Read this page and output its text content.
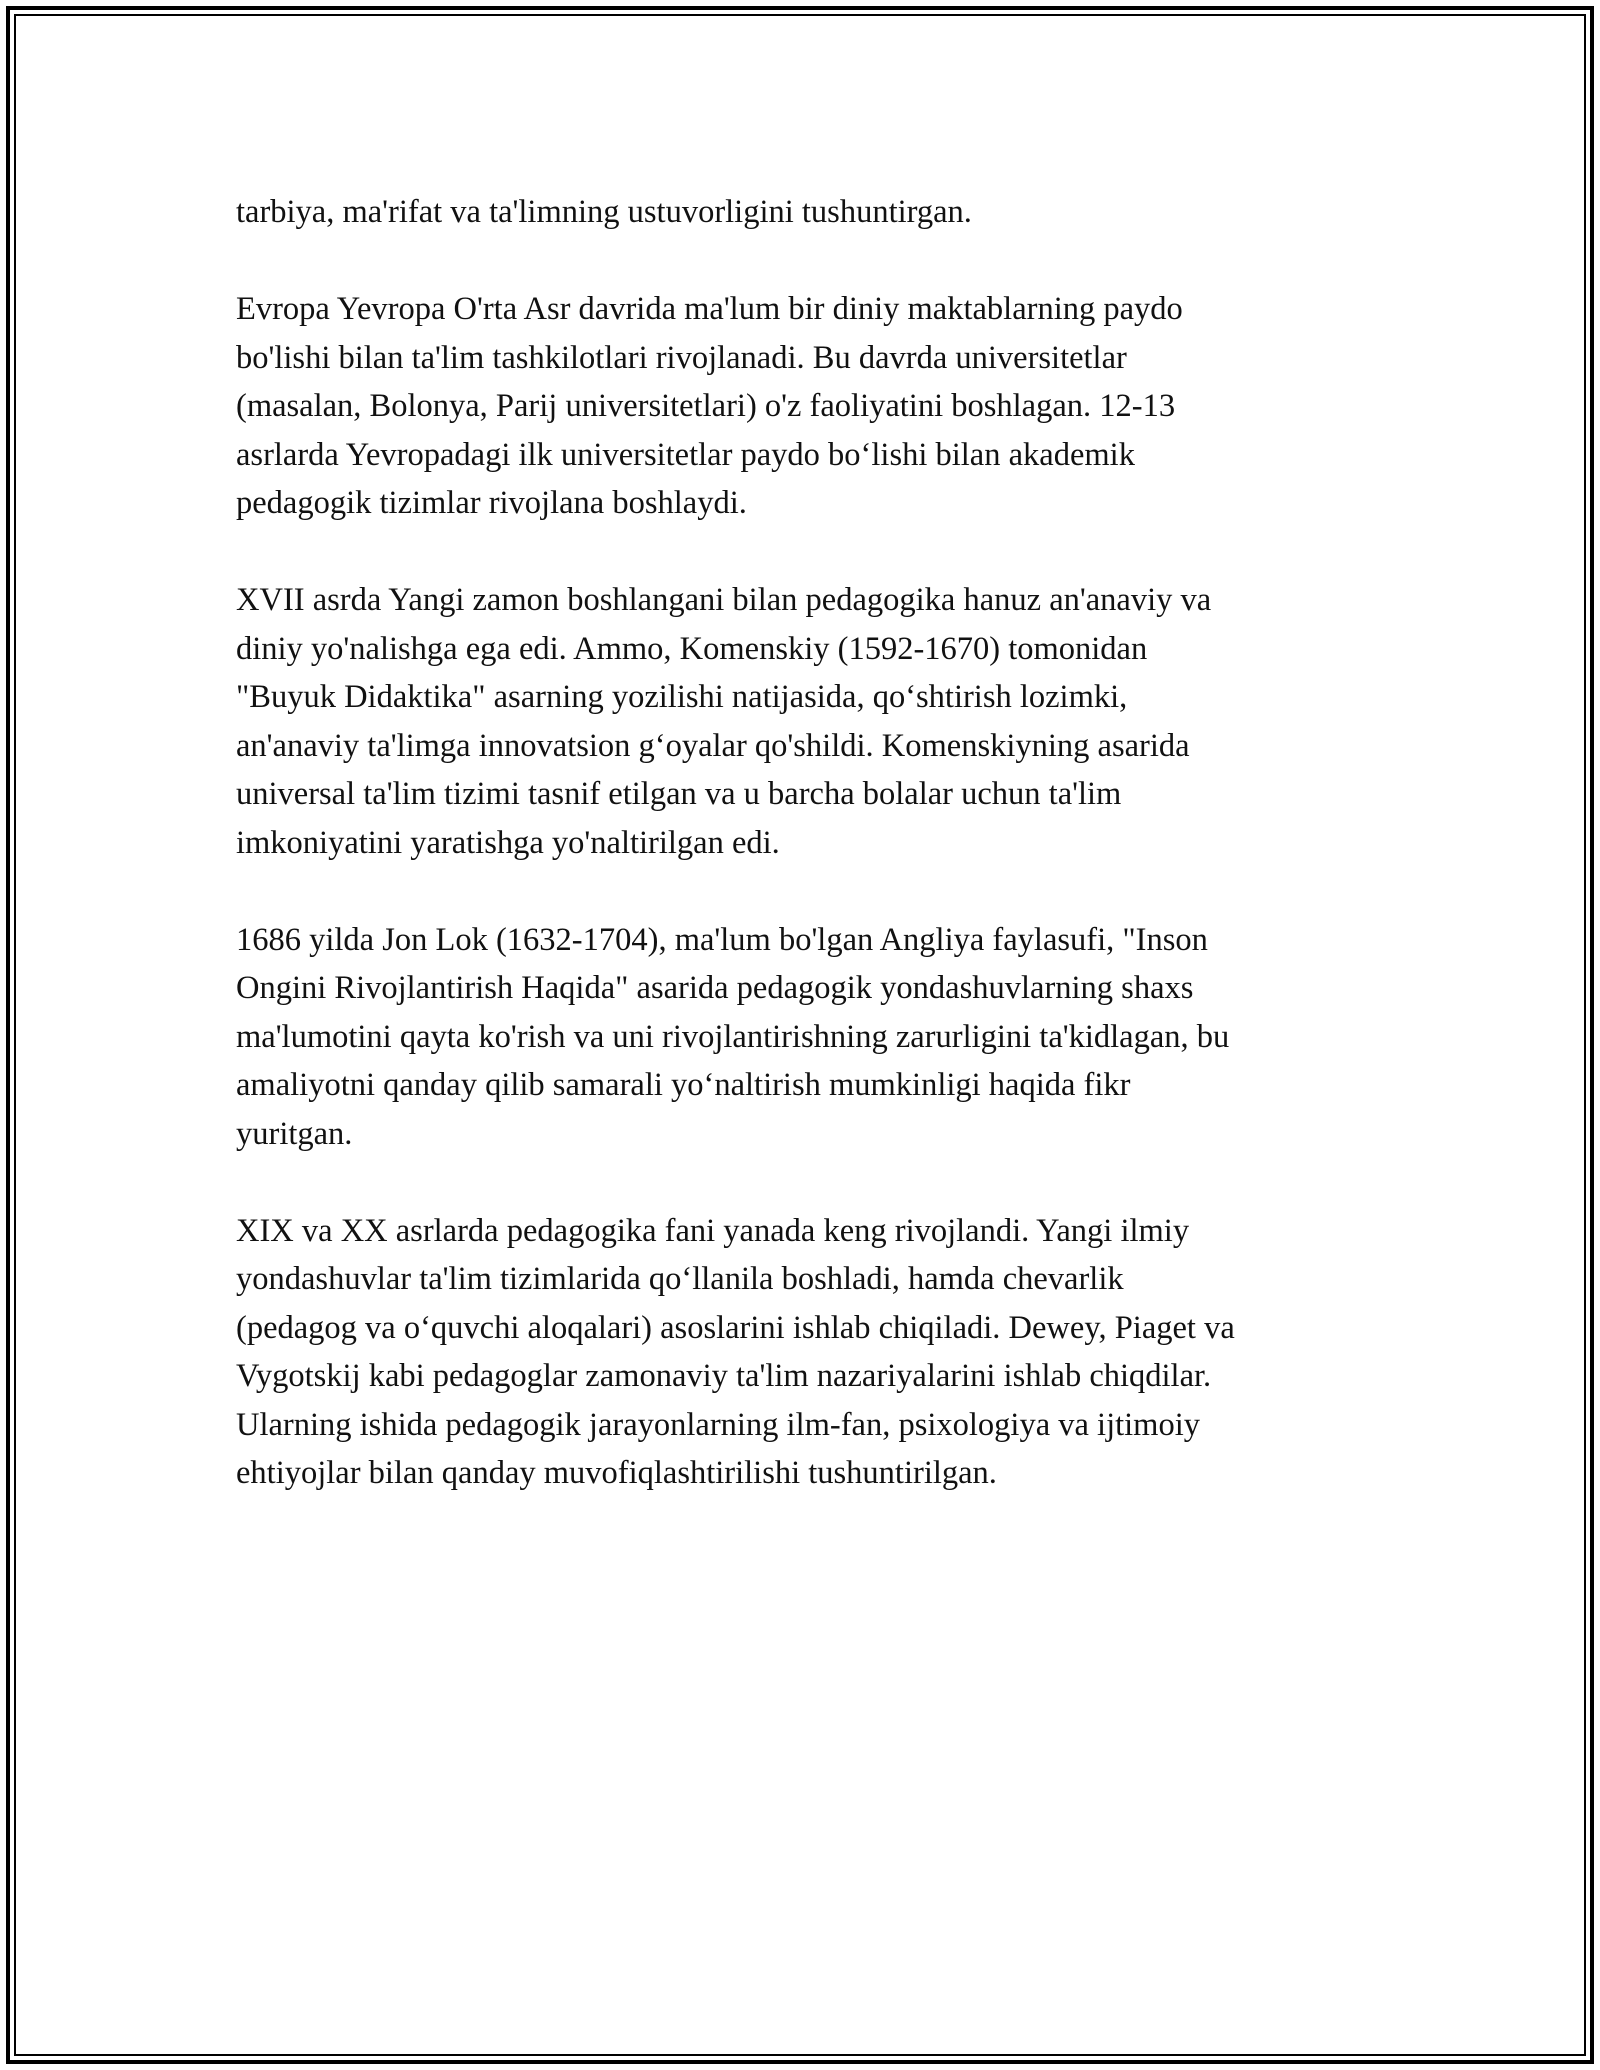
tarbiya, ma'rifat va ta'limning ustuvorligini tushuntirgan.

Evropa Yevropa O'rta Asr davrida ma'lum bir diniy maktablarning paydo
bo'lishi bilan ta'lim tashkilotlari rivojlanadi. Bu davrda universitetlar
(masalan, Bolonya, Parij universitetlari) o'z faoliyatini boshlagan. 12-13
asrlarda Yevropadagi ilk universitetlar paydo bo‘lishi bilan akademik
pedagogik tizimlar rivojlana boshlaydi.

XVII asrda Yangi zamon boshlangani bilan pedagogika hanuz an'anaviy va
diniy yo'nalishga ega edi. Ammo, Komenskiy (1592-1670) tomonidan
"Buyuk Didaktika" asarning yozilishi natijasida, qo‘shtirish lozimki,
an'anaviy ta'limga innovatsion g‘oyalar qo'shildi. Komenskiyning asarida
universal ta'lim tizimi tasnif etilgan va u barcha bolalar uchun ta'lim
imkoniyatini yaratishga yo'naltirilgan edi.

1686 yilda Jon Lok (1632-1704), ma'lum bo'lgan Angliya faylasufi, "Inson
Ongini Rivojlantirish Haqida" asarida pedagogik yondashuvlarning shaxs
ma'lumotini qayta ko'rish va uni rivojlantirishning zarurligini ta'kidlagan, bu
amaliyotni qanday qilib samarali yo‘naltirish mumkinligi haqida fikr
yuritgan.

XIX va XX asrlarda pedagogika fani yanada keng rivojlandi. Yangi ilmiy
yondashuvlar ta'lim tizimlarida qo‘llanila boshladi, hamda chevarlik
(pedagog va o‘quvchi aloqalari) asoslarini ishlab chiqiladi. Dewey, Piaget va
Vygotskij kabi pedagoglar zamonaviy ta'lim nazariyalarini ishlab chiqdilar.
Ularning ishida pedagogik jarayonlarning ilm-fan, psixologiya va ijtimoiy
ehtiyojlar bilan qanday muvofiqlashtirilishi tushuntirilgan.
